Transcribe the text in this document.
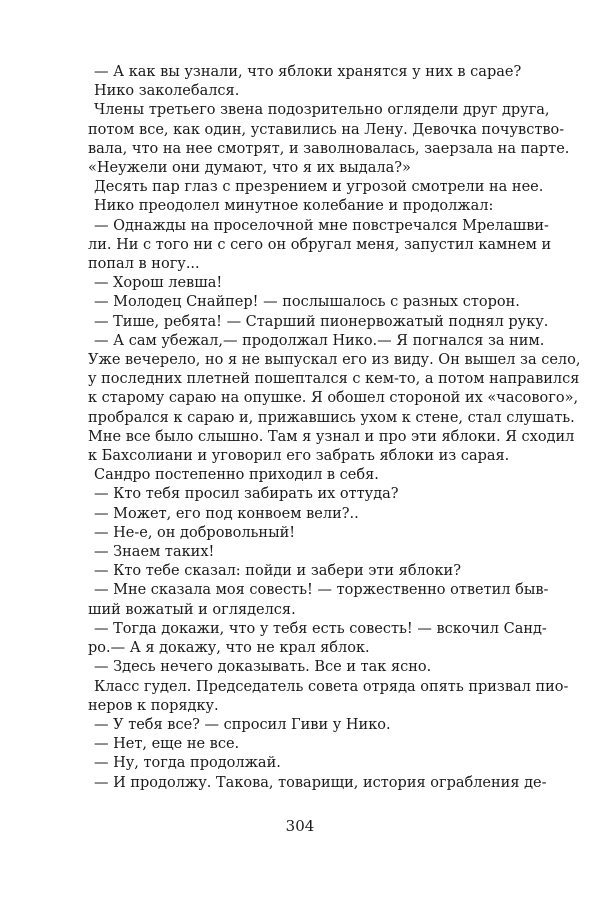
— А как вы узнали, что яблоки хранятся у них в сарае?
Нико заколебался.
Члены третьего звена подозрительно оглядели друг друга,
потом все, как один, уставились на Лену. Девочка почувство-
вала, что на нее смотрят, и заволновалась, заерзала на парте.
«Неужели они думают, что я их выдала?»
Десять пар глаз с презрением и угрозой смотрели на нее.
Нико преодолел минутное колебание и продолжал:
— Однажды на проселочной мне повстречался Мрелашви-
ли. Ни с того ни с сего он обругал меня, запустил камнем и
попал в ногу...
— Хорош левша!
— Молодец Снайпер! — послышалось с разных сторон.
— Тише, ребята! — Старший пионервожатый поднял руку.
— А сам убежал,— продолжал Нико.— Я погнался за ним.
Уже вечерело, но я не выпускал его из виду. Он вышел за село,
у последних плетней пошептался с кем-то, а потом направился
к старому сараю на опушке. Я обошел стороной их «часового»,
пробрался к сараю и, прижавшись ухом к стене, стал слушать.
Мне все было слышно. Там я узнал и про эти яблоки. Я сходил
к Бахсолиани и уговорил его забрать яблоки из сарая.
Сандро постепенно приходил в себя.
— Кто тебя просил забирать их оттуда?
— Может, его под конвоем вели?..
— Не-е, он добровольный!
— Знаем таких!
— Кто тебе сказал: пойди и забери эти яблоки?
— Мне сказала моя совесть! — торжественно ответил быв-
ший вожатый и огляделся.
— Тогда докажи, что у тебя есть совесть! — вскочил Санд-
ро.— А я докажу, что не крал яблок.
— Здесь нечего доказывать. Все и так ясно.
Класс гудел. Председатель совета отряда опять призвал пио-
неров к порядку.
— У тебя все? — спросил Гиви у Нико.
— Нет, еще не все.
— Ну, тогда продолжай.
— И продолжу. Такова, товарищи, история ограбления де-
304
